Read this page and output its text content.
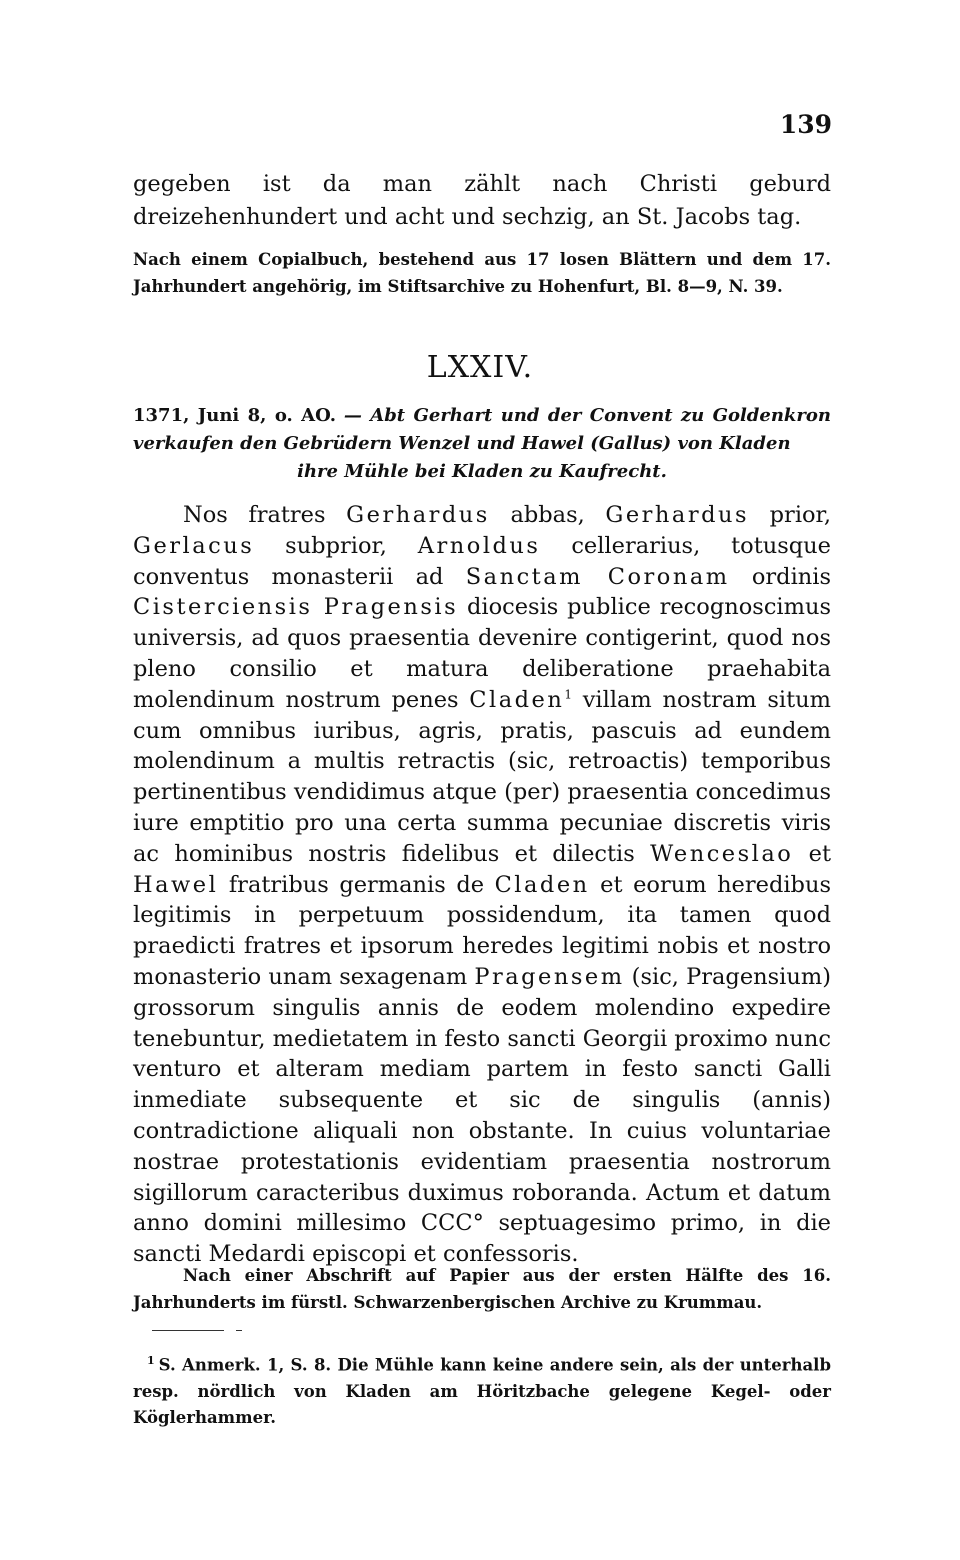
139
gegeben ist da man zählt nach Christi geburd dreizehenhundert und acht und sechzig, an St. Jacobs tag.
Nach einem Copialbuch, bestehend aus 17 losen Blättern und dem 17. Jahrhundert angehörig, im Stiftsarchive zu Hohenfurt, Bl. 8—9, N. 39.
LXXIV.
1371, Juni 8, o. AO. — Abt Gerhart und der Convent zu Goldenkron verkaufen den Gebrüdern Wenzel und Hawel (Gallus) von Kladen
ihre Mühle bei Kladen zu Kaufrecht.

Nos fratres Gerhardus abbas, Gerhardus prior, Gerlacus subprior, Arnoldus cellerarius, totusque conventus monasterii ad Sanctam Coronam ordinis Cisterciensis Pragensis diocesis publice recognoscimus universis, ad quos praesentia devenire contigerint, quod nos pleno consilio et matura deliberatione praehabita molendinum nostrum penes Claden$^1$ villam nostram situm cum omnibus iuribus, agris, pratis, pascuis ad eundem molendinum a multis retractis (sic, retroactis) temporibus pertinentibus vendidimus atque (per) praesentia concedimus iure emptitio pro una certa summa pecuniae discretis viris ac hominibus nostris fidelibus et dilectis Wenceslao et Hawel fratribus germanis de Claden et eorum heredibus legitimis in perpetuum possidendum, ita tamen quod praedicti fratres et ipsorum heredes legitimi nobis et nostro monasterio unam sexagenam Pragensem (sic, Pragensium) grossorum singulis annis de eodem molendino expedire tenebuntur, medietatem in festo sancti Georgii proximo nunc venturo et alteram mediam partem in festo sancti Galli inmediate subsequente et sic de singulis (annis) contradictione aliquali non obstante. In cuius voluntariae nostrae protestationis evidentiam praesentia nostrorum sigillorum caracteribus duximus roboranda. Actum et datum anno domini millesimo CCC° septuagesimo primo, in die sancti Medardi episcopi et confessoris.

Nach einer Abschrift auf Papier aus der ersten Hälfte des 16. Jahrhunderts im fürstl. Schwarzenbergischen Archive zu Krummau.

$^1$ S. Anmerk. 1, S. 8. Die Mühle kann keine andere sein, als der unterhalb resp. nördlich von Kladen am Höritzbache gelegene Kegel- oder Köglerhammer.
